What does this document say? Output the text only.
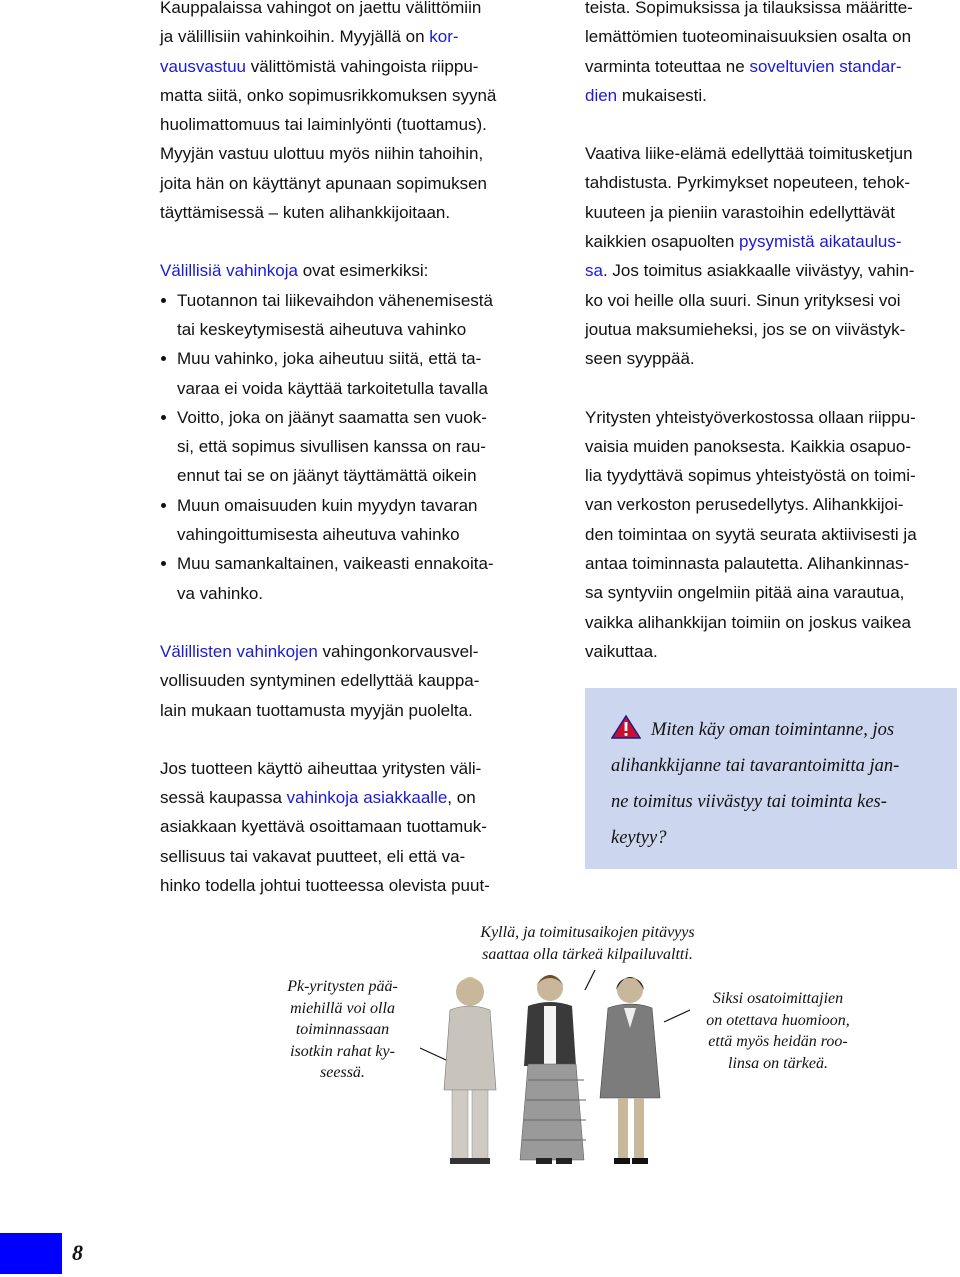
Kauppalaissa vahingot on jaettu välittömiin

ja välillisiin vahinkoihin. Myyjällä on kor-

vausvastuu välittömistä vahingoista riippu-

matta siitä, onko sopimusrikkomuksen syynä

huolimattomuus tai laiminlyönti (tuottamus).

Myyjän vastuu ulottuu myös niihin tahoihin,

joita hän on käyttänyt apunaan sopimuksen

täyttämisessä – kuten alihankkijoitaan.

Välillisiä vahinkoja ovat esimerkiksi:

Tuotannon tai liikevaihdon vähenemisestä
tai keskeytymisestä aiheutuva vahinko
Muu vahinko, joka aiheutuu siitä, että ta-
varaa ei voida käyttää tarkoitetulla tavalla
Voitto, joka on jäänyt saamatta sen vuok-
si, että sopimus sivullisen kanssa on rau-
ennut tai se on jäänyt täyttämättä oikein
Muun omaisuuden kuin myydyn tavaran
vahingoittumisesta aiheutuva vahinko
Muu samankaltainen, vaikeasti ennakoita-
va vahinko.

Välillisten vahinkojen vahingonkorvausvel-

vollisuuden syntyminen edellyttää kauppa-

lain mukaan tuottamusta myyjän puolelta.

Jos tuotteen käyttö aiheuttaa yritysten väli-

sessä kaupassa vahinkoja asiakkaalle, on

asiakkaan kyettävä osoittamaan tuottamuk-

sellisuus tai vakavat puutteet, eli että va-

hinko todella johtui tuotteessa olevista puut-

teista. Sopimuksissa ja tilauksissa määritte-

lemättömien tuoteominaisuuksien osalta on

varminta toteuttaa ne soveltuvien standar-

dien mukaisesti.

Vaativa liike-elämä edellyttää toimitusketjun

tahdistusta. Pyrkimykset nopeuteen, tehok-

kuuteen ja pieniin varastoihin edellyttävät

kaikkien osapuolten pysymistä aikataulus-

sa. Jos toimitus asiakkaalle viivästyy, vahin-

ko voi heille olla suuri. Sinun yrityksesi voi

joutua maksumieheksi, jos se on viivästyk-

seen syyppää.

Yritysten yhteistyöverkostossa ollaan riippu-

vaisia muiden panoksesta. Kaikkia osapuo-

lia tyydyttävä sopimus yhteistyöstä on toimi-

van verkoston perusedellytys. Alihankkijoi-

den toimintaa on syytä seurata aktiivisesti ja

antaa toiminnasta palautetta. Alihankinnas-

sa syntyviin ongelmiin pitää aina varautua,

vaikka alihankkijan toimiin on joskus vaikea

vaikuttaa.

Miten käy oman toimintanne, jos
alihankkijanne tai tavarantoimitta jan-
ne toimitus viivästyy tai toiminta kes-
keytyy?
Pk-yritysten pää-
miehillä voi olla
toiminnassaan
isotkin rahat ky-
seessä.
Kyllä, ja toimitusaikojen pitävyys
saattaa olla tärkeä kilpailuvaltti.
Siksi osatoimittajien
on otettava huomioon,
että myös heidän roo-
linsa on tärkeä.
8
